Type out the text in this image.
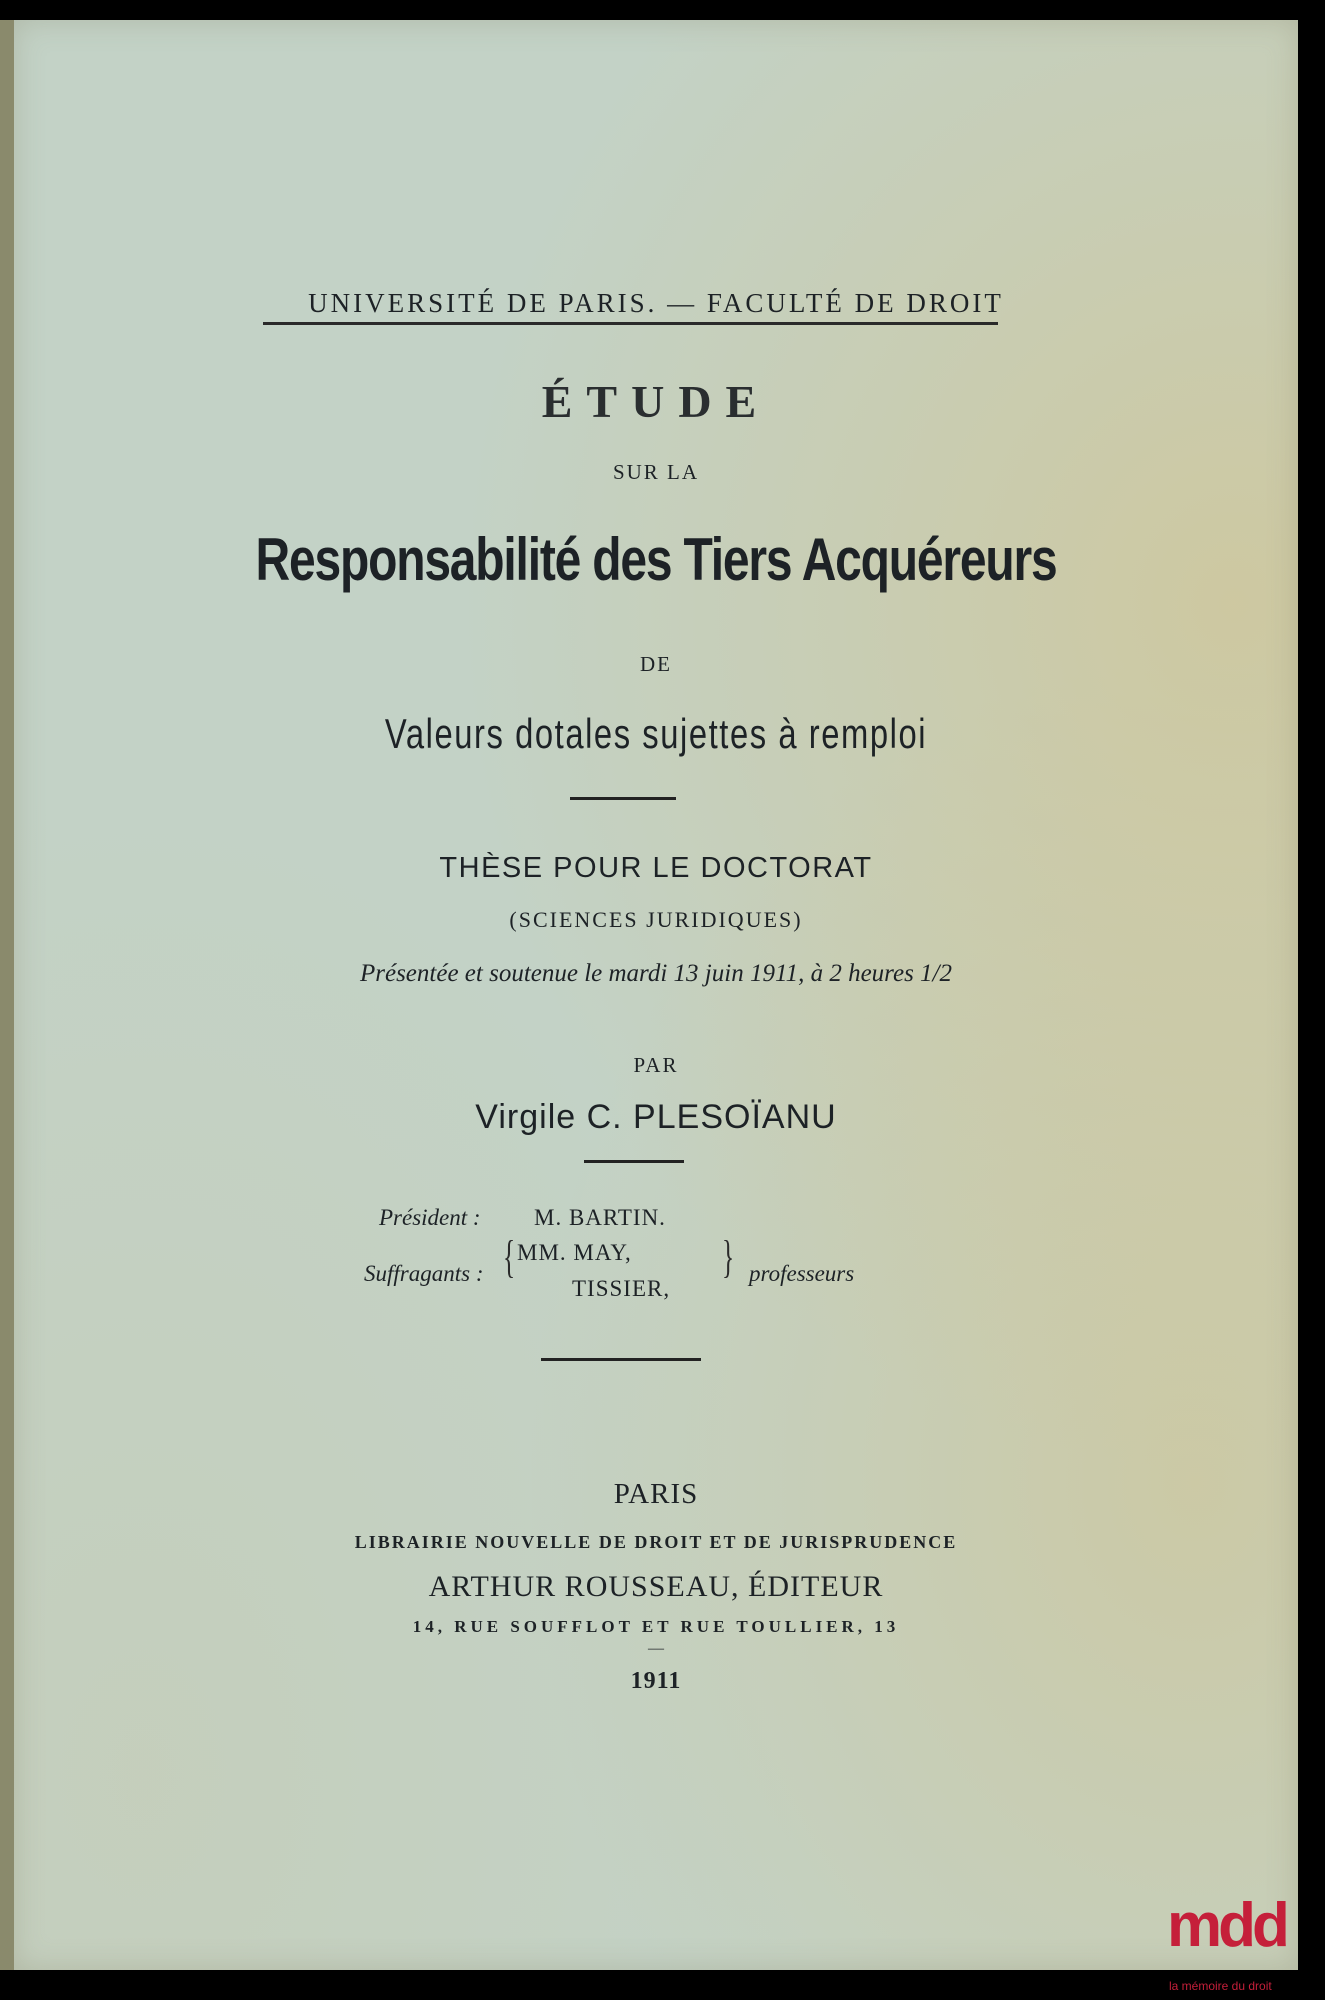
UNIVERSITÉ DE PARIS. — FACULTÉ DE DROIT
ÉTUDE
SUR LA
Responsabilité des Tiers Acquéreurs
DE
Valeurs dotales sujettes à remploi
THÈSE POUR LE DOCTORAT
(SCIENCES JURIDIQUES)
Présentée et soutenue le mardi 13 juin 1911, à 2 heures 1/2
PAR
Virgile C. PLESOÏANU
Président : M. BARTIN.
Suffragants : { MM. MAY,
TISSIER,
} professeurs
PARIS
LIBRAIRIE NOUVELLE DE DROIT ET DE JURISPRUDENCE
ARTHUR ROUSSEAU, ÉDITEUR
14, RUE SOUFFLOT ET RUE TOULLIER, 13
—
1911
mdd
la mémoire du droit
